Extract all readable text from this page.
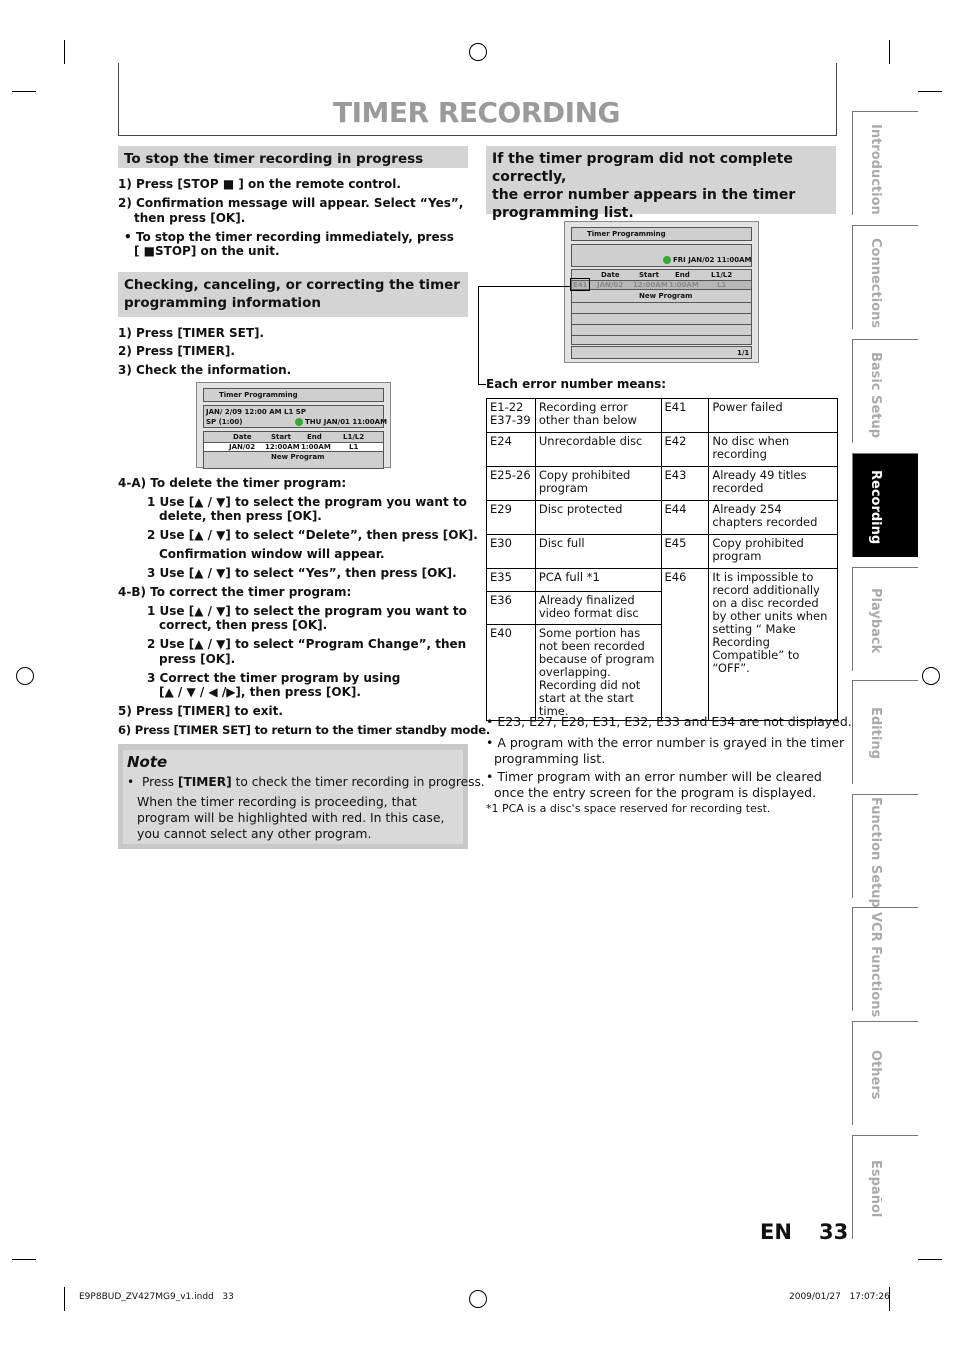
TIMER RECORDING
Introduction
Connections
Basic Setup
Recording
Playback
Editing
Function Setup
VCR Functions
Others
Español
To stop the timer recording in progress
1) Press [STOP ■ ] on the remote control.
2) Confirmation message will appear. Select “Yes”,
then press [OK].
• To stop the timer recording immediately, press
[ ■STOP] on the unit.
Checking, canceling, or correcting the timer
programming information
1) Press [TIMER SET].
2) Press [TIMER].
3) Check the information.
Timer Programming
JAN/ 2/09 12:00 AM L1 SP
SP (1:00)	THU JAN/01 11:00AM
Date	Start End	L1/L2
JAN/02 12:00AM 1:00AM	L1
New Program
4-A) To delete the timer program:
1 Use [▲ / ▼] to select the program you want to
delete, then press [OK].
2 Use [▲ / ▼] to select “Delete”, then press [OK].
Confirmation window will appear.
3 Use [▲ / ▼] to select “Yes”, then press [OK].
4-B) To correct the timer program:
1 Use [▲ / ▼] to select the program you want to
correct, then press [OK].
2 Use [▲ / ▼] to select “Program Change”, then
press [OK].
3 Correct the timer program by using
[▲ / ▼ / ◀ /▶], then press [OK].
5) Press [TIMER] to exit.
6) Press [TIMER SET] to return to the timer standby mode.
Note
•  Press [TIMER] to check the timer recording in progress.
When the timer recording is proceeding, that
program will be highlighted with red. In this case,
you cannot select any other program.
If the timer program did not complete correctly,
the error number appears in the timer
programming list.
Timer Programming
FRI JAN/02 11:00AM
Date	Start End	L1/L2
E41 JAN/02 12:00AM 1:00AM	L1
New Program
1/1
Each error number means:
E1-22
E37-39	Recording error other than below	E41	Power failed
E24	Unrecordable disc	E42	No disc when recording
E25-26	Copy prohibited program	E43	Already 49 titles recorded
E29	Disc protected	E44	Already 254 chapters recorded
E30	Disc full	E45	Copy prohibited program
E35	PCA full *1	E46	It is impossible to record additionally on a disc recorded by other units when setting “ Make Recording Compatible” to “OFF”.
E36	Already finalized video format disc		
E40	Some portion has not been recorded because of program overlapping. Recording did not start at the start time.		
• E23, E27, E28, E31, E32, E33 and E34 are not displayed.
• A program with the error number is grayed in the timer
programming list.
• Timer program with an error number will be cleared
once the entry screen for the program is displayed.
*1 PCA is a disc's space reserved for recording test.
EN 33
E9P8BUD_ZV427MG9_v1.indd   33	2009/01/27   17:07:26
